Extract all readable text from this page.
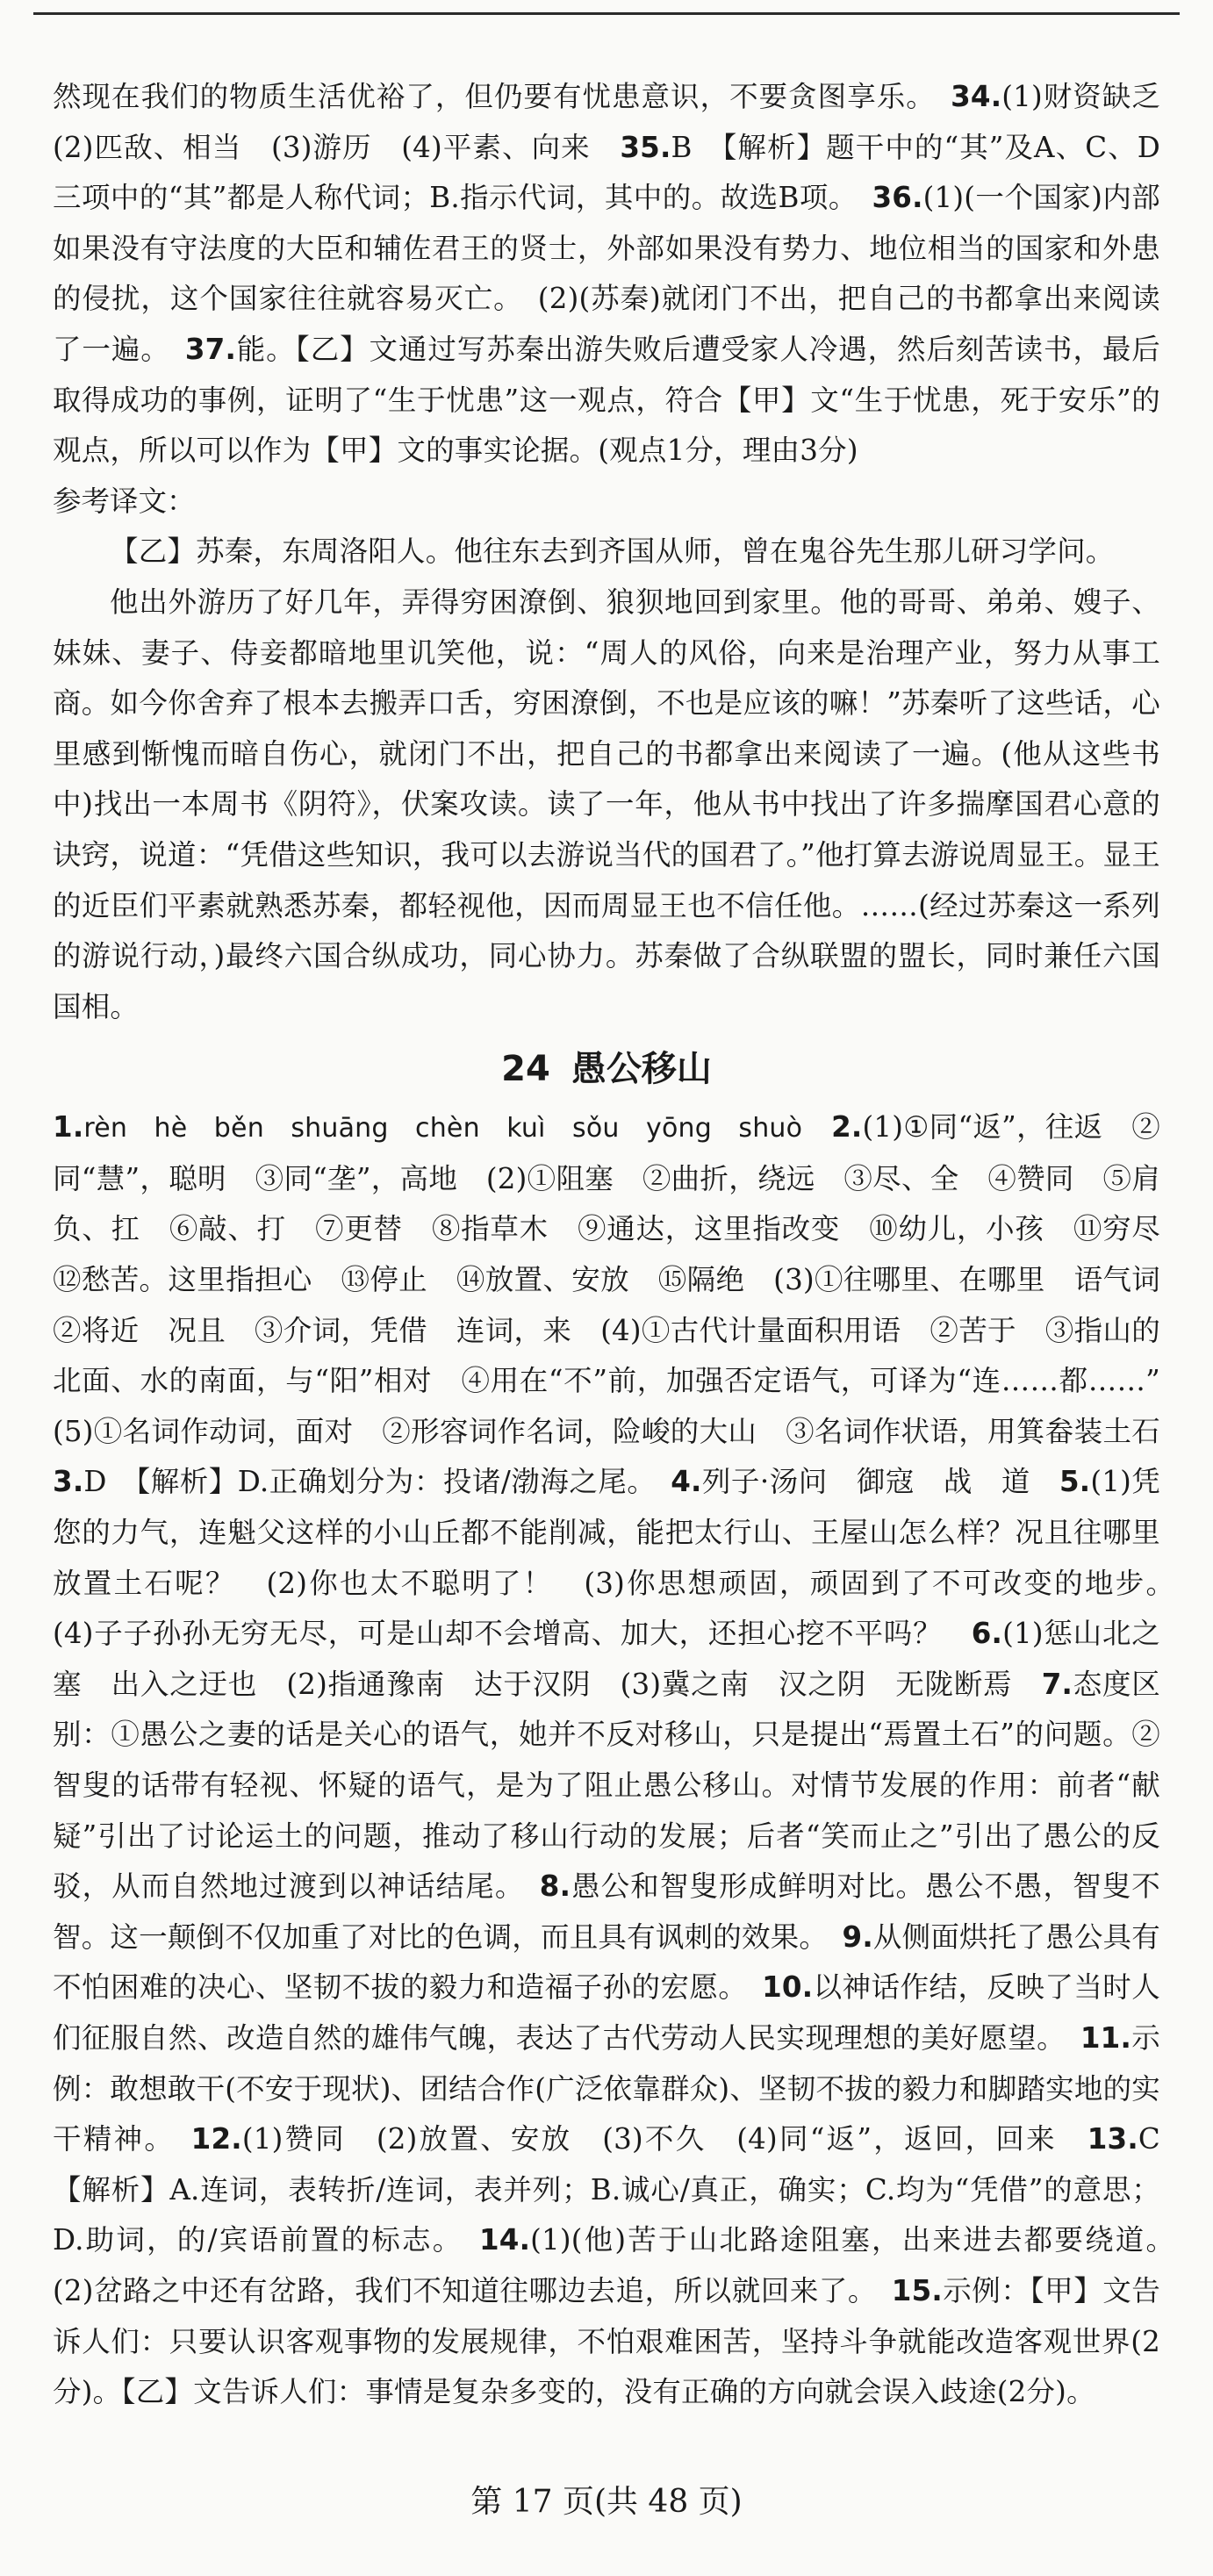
然现在我们的物质生活优裕了，但仍要有忧患意识，不要贪图享乐。　34.(1)财资缺乏　(2)匹敌、相当　(3)游历　(4)平素、向来　35.B　【解析】题干中的“其”及A、C、D三项中的“其”都是人称代词；B.指示代词，其中的。故选B项。　36.(1)(一个国家)内部如果没有守法度的大臣和辅佐君王的贤士，外部如果没有势力、地位相当的国家和外患的侵扰，这个国家往往就容易灭亡。　(2)(苏秦)就闭门不出，把自己的书都拿出来阅读了一遍。　37.能。【乙】文通过写苏秦出游失败后遭受家人冷遇，然后刻苦读书，最后取得成功的事例，证明了“生于忧患”这一观点，符合【甲】文“生于忧患，死于安乐”的观点，所以可以作为【甲】文的事实论据。(观点1分，理由3分)

参考译文：

【乙】苏秦，东周洛阳人。他往东去到齐国从师，曾在鬼谷先生那儿研习学问。

他出外游历了好几年，弄得穷困潦倒、狼狈地回到家里。他的哥哥、弟弟、嫂子、妹妹、妻子、侍妾都暗地里讥笑他，说：“周人的风俗，向来是治理产业，努力从事工商。如今你舍弃了根本去搬弄口舌，穷困潦倒，不也是应该的嘛！”苏秦听了这些话，心里感到惭愧而暗自伤心，就闭门不出，把自己的书都拿出来阅读了一遍。(他从这些书中)找出一本周书《阴符》，伏案攻读。读了一年，他从书中找出了许多揣摩国君心意的诀窍，说道：“凭借这些知识，我可以去游说当代的国君了。”他打算去游说周显王。显王的近臣们平素就熟悉苏秦，都轻视他，因而周显王也不信任他。……(经过苏秦这一系列的游说行动，)最终六国合纵成功，同心协力。苏秦做了合纵联盟的盟长，同时兼任六国国相。

24 愚公移山

1.rèn　hè　běn　shuāng　chèn　kuì　sǒu　yōng　shuò　 2.(1)①同“返”，往返　②同“慧”，聪明　③同“垄”，高地　(2)①阻塞　②曲折，绕远　③尽、全　④赞同　⑤肩负、扛　⑥敲、打　⑦更替　⑧指草木　⑨通达，这里指改变　⑩幼儿，小孩　⑪穷尽　⑫愁苦。这里指担心　⑬停止　⑭放置、安放　⑮隔绝　(3)①往哪里、在哪里　语气词　②将近　况且　③介词，凭借　连词，来　(4)①古代计量面积用语　②苦于　③指山的北面、水的南面，与“阳”相对　④用在“不”前，加强否定语气，可译为“连……都……”　(5)①名词作动词，面对　②形容词作名词，险峻的大山　③名词作状语，用箕畚装土石　3.D　【解析】D.正确划分为：投诸/渤海之尾。　4.列子·汤问　御寇　战　道　5.(1)凭您的力气，连魁父这样的小山丘都不能削减，能把太行山、王屋山怎么样？况且往哪里放置土石呢？　(2)你也太不聪明了！　(3)你思想顽固，顽固到了不可改变的地步。　(4)子子孙孙无穷无尽，可是山却不会增高、加大，还担心挖不平吗？　6.(1)惩山北之塞　出入之迂也　(2)指通豫南　达于汉阴　(3)冀之南　汉之阴　无陇断焉　7.态度区别：①愚公之妻的话是关心的语气，她并不反对移山，只是提出“焉置土石”的问题。②智叟的话带有轻视、怀疑的语气，是为了阻止愚公移山。对情节发展的作用：前者“献疑”引出了讨论运土的问题，推动了移山行动的发展；后者“笑而止之”引出了愚公的反驳，从而自然地过渡到以神话结尾。　8.愚公和智叟形成鲜明对比。愚公不愚，智叟不智。这一颠倒不仅加重了对比的色调，而且具有讽刺的效果。　9.从侧面烘托了愚公具有不怕困难的决心、坚韧不拔的毅力和造福子孙的宏愿。　10.以神话作结，反映了当时人们征服自然、改造自然的雄伟气魄，表达了古代劳动人民实现理想的美好愿望。　11.示例：敢想敢干(不安于现状)、团结合作(广泛依靠群众)、坚韧不拔的毅力和脚踏实地的实干精神。　12.(1)赞同　(2)放置、安放　(3)不久　(4)同“返”，返回，回来　13.C　【解析】A.连词，表转折/连词，表并列；B.诚心/真正，确实；C.均为“凭借”的意思；D.助词，的/宾语前置的标志。　14.(1)(他)苦于山北路途阻塞，出来进去都要绕道。　(2)岔路之中还有岔路，我们不知道往哪边去追，所以就回来了。　15.示例：【甲】文告诉人们：只要认识客观事物的发展规律，不怕艰难困苦，坚持斗争就能改造客观世界(2分)。【乙】文告诉人们：事情是复杂多变的，没有正确的方向就会误入歧途(2分)。

第 17 页(共 48 页)
